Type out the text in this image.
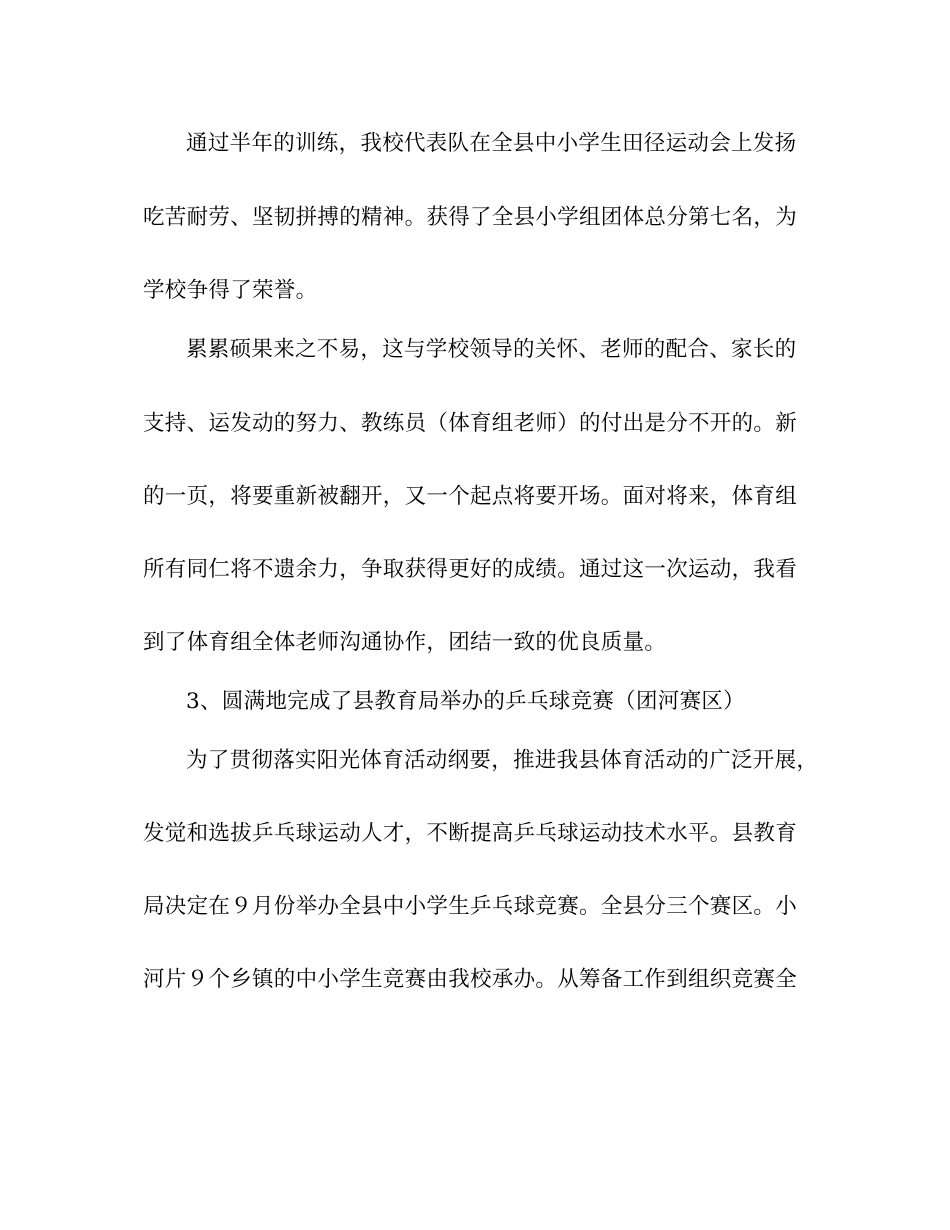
通过半年的训练，我校代表队在全县中小学生田径运动会上发扬
吃苦耐劳、坚韧拼搏的精神。获得了全县小学组团体总分第七名，为
学校争得了荣誉。
累累硕果来之不易，这与学校领导的关怀、老师的配合、家长的
支持、运发动的努力、教练员（体育组老师）的付出是分不开的。新
的一页，将要重新被翻开，又一个起点将要开场。面对将来，体育组
所有同仁将不遗余力，争取获得更好的成绩。通过这一次运动，我看
到了体育组全体老师沟通协作，团结一致的优良质量。
3、圆满地完成了县教育局举办的乒乓球竞赛（团河赛区）
为了贯彻落实阳光体育活动纲要，推进我县体育活动的广泛开展，
发觉和选拔乒乓球运动人才，不断提高乒乓球运动技术水平。县教育
局决定在９月份举办全县中小学生乒乓球竞赛。全县分三个赛区。小
河片９个乡镇的中小学生竞赛由我校承办。从筹备工作到组织竞赛全
